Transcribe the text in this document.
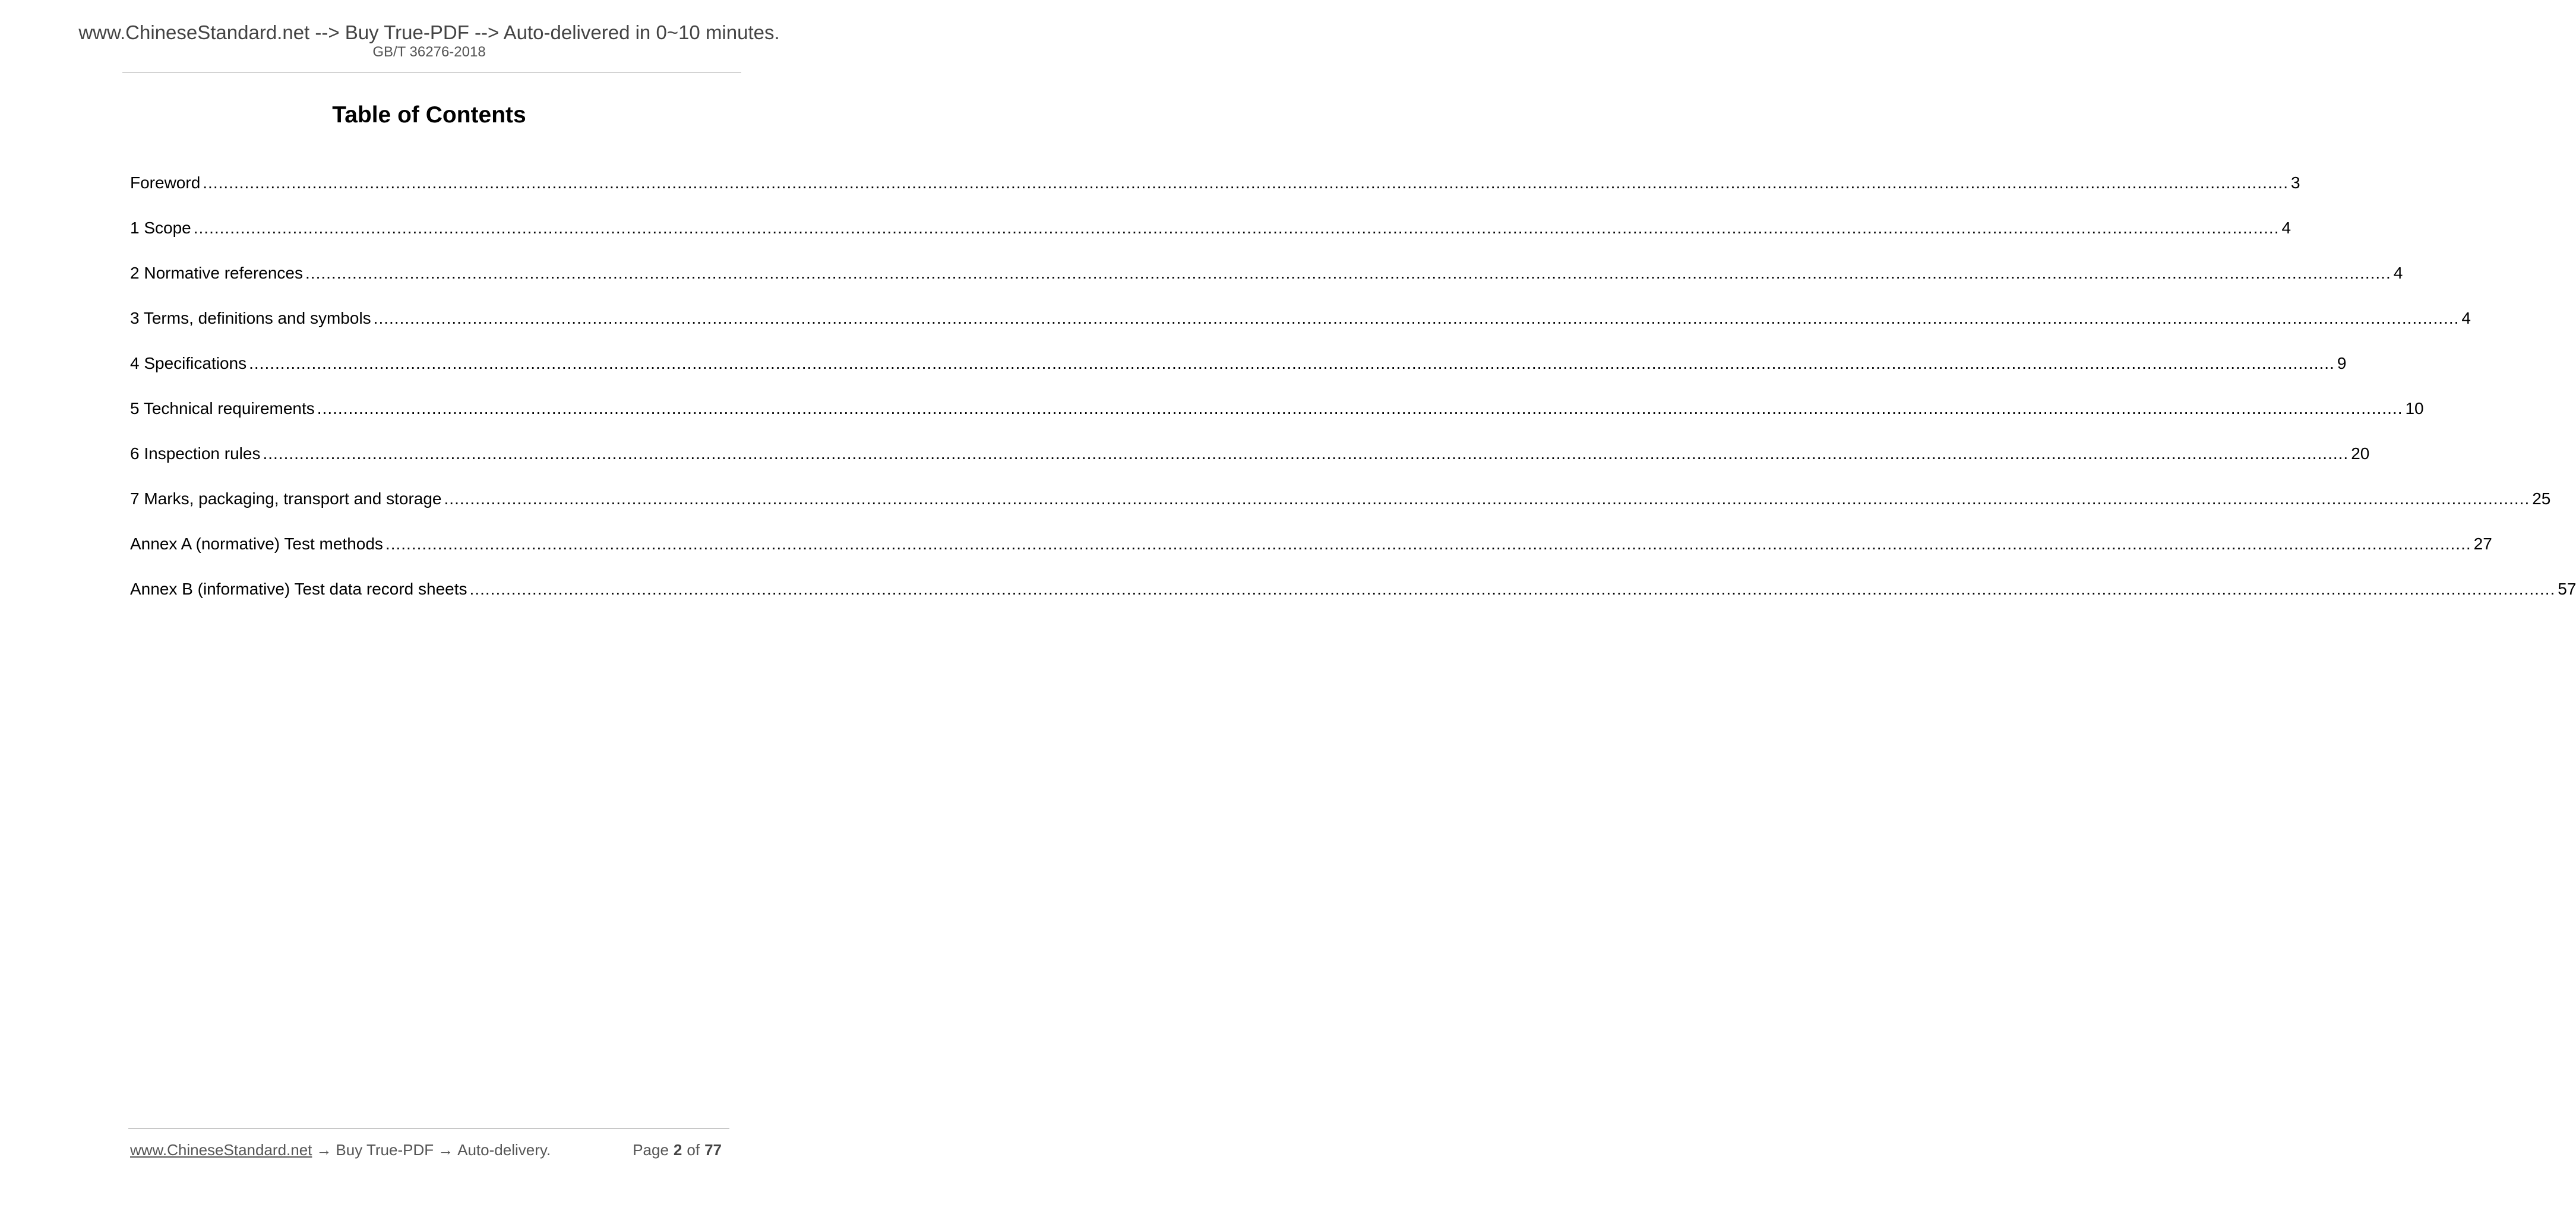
www.ChineseStandard.net --> Buy True-PDF --> Auto-delivered in 0~10 minutes.
GB/T 36276-2018
Table of Contents
Foreword ................................................................................................................................................................................................................................................................................................................................................................................................................ 3
1 Scope ................................................................................................................................................................................................................................................................................................................................................................................................................ 4
2 Normative references ................................................................................................................................................................................................................................................................................................................................................................................................................ 4
3 Terms, definitions and symbols ................................................................................................................................................................................................................................................................................................................................................................................................................ 4
4 Specifications ................................................................................................................................................................................................................................................................................................................................................................................................................ 9
5 Technical requirements ................................................................................................................................................................................................................................................................................................................................................................................................................ 10
6 Inspection rules ................................................................................................................................................................................................................................................................................................................................................................................................................ 20
7 Marks, packaging, transport and storage ................................................................................................................................................................................................................................................................................................................................................................................................................ 25
Annex A (normative) Test methods ................................................................................................................................................................................................................................................................................................................................................................................................................ 27
Annex B (informative) Test data record sheets ................................................................................................................................................................................................................................................................................................................................................................................................................ 57
www.ChineseStandard.net → Buy True-PDF → Auto-delivery.	Page 2 of 77
